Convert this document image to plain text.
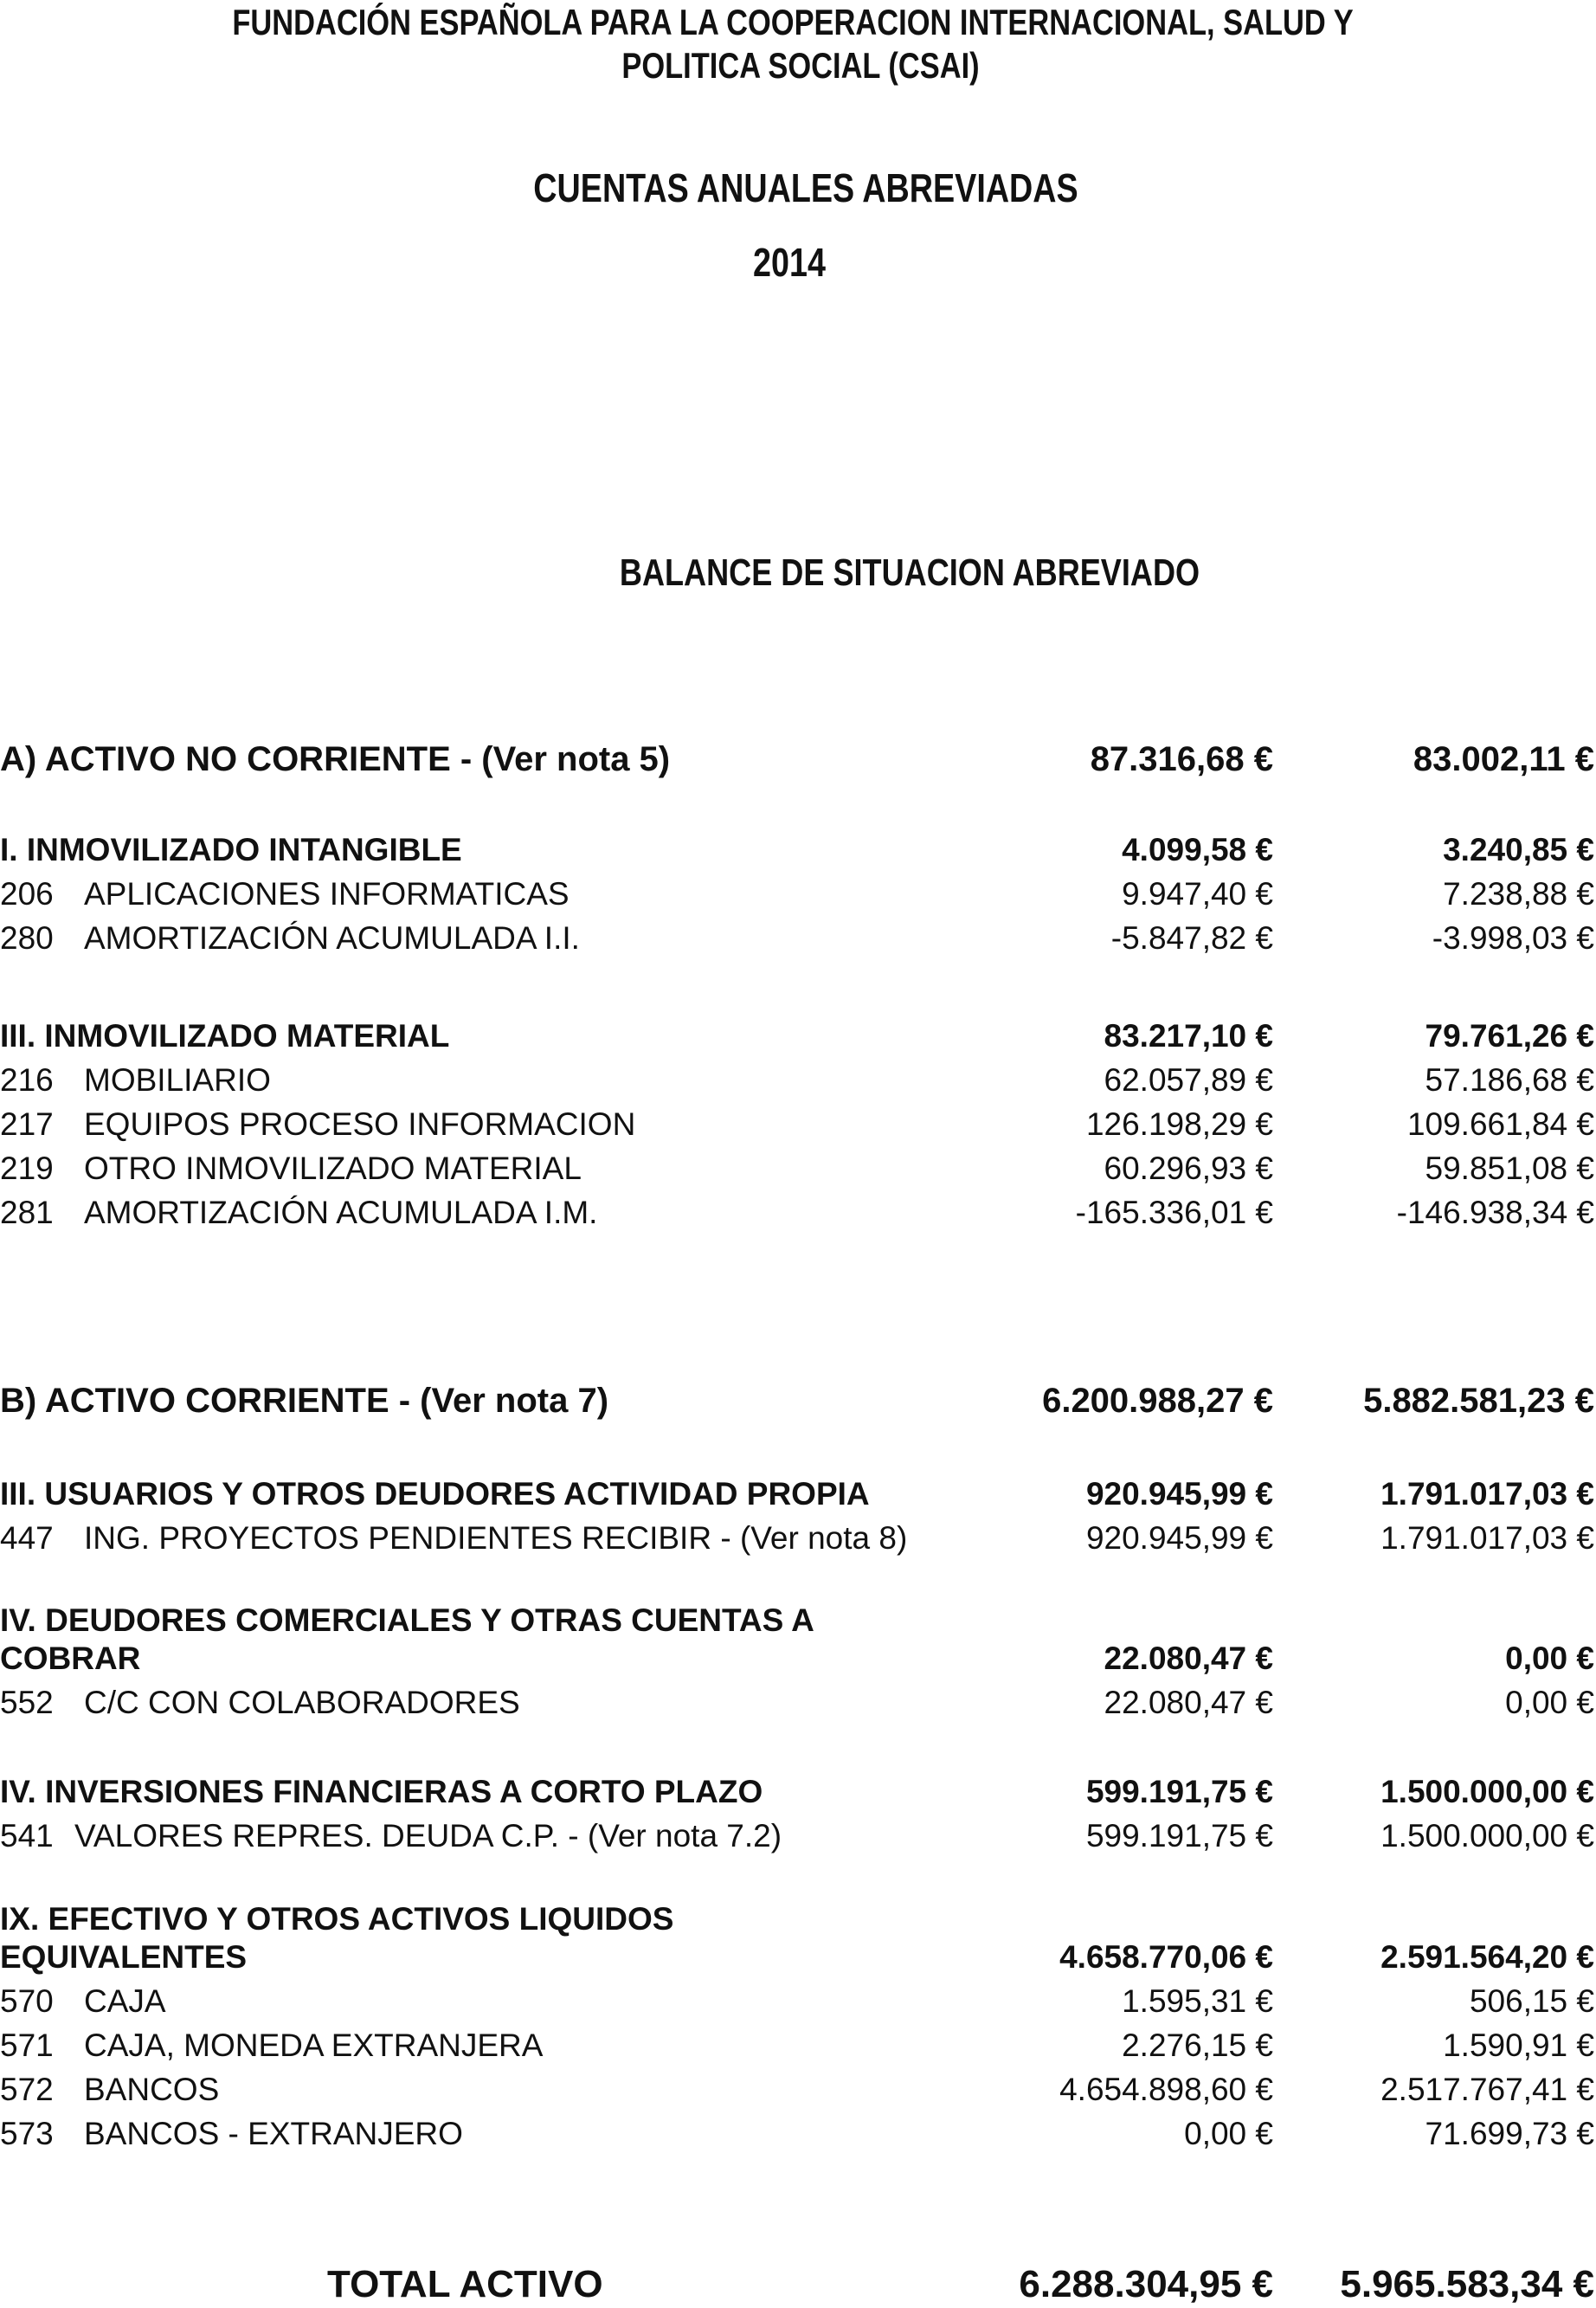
FUNDACIÓN ESPAÑOLA PARA LA COOPERACION INTERNACIONAL, SALUD Y
POLITICA SOCIAL (CSAI)
CUENTAS ANUALES ABREVIADAS
2014
BALANCE DE SITUACION ABREVIADO
A) ACTIVO NO CORRIENTE - (Ver nota 5)	87.316,68 €	83.002,11 €
I. INMOVILIZADO INTANGIBLE	4.099,58 €	3.240,85 €
206 APLICACIONES INFORMATICAS	9.947,40 €	7.238,88 €
280 AMORTIZACIÓN ACUMULADA I.I.	-5.847,82 €	-3.998,03 €
III. INMOVILIZADO MATERIAL	83.217,10 €	79.761,26 €
216 MOBILIARIO	62.057,89 €	57.186,68 €
217 EQUIPOS PROCESO INFORMACION	126.198,29 €	109.661,84 €
219 OTRO INMOVILIZADO MATERIAL	60.296,93 €	59.851,08 €
281 AMORTIZACIÓN ACUMULADA I.M.	-165.336,01 €	-146.938,34 €
B) ACTIVO CORRIENTE - (Ver nota 7)	6.200.988,27 €	5.882.581,23 €
III. USUARIOS Y OTROS DEUDORES ACTIVIDAD PROPIA	920.945,99 €	1.791.017,03 €
447 ING. PROYECTOS PENDIENTES RECIBIR - (Ver nota 8)	920.945,99 €	1.791.017,03 €
IV. DEUDORES COMERCIALES Y OTRAS CUENTAS A
COBRAR	22.080,47 €	0,00 €
552 C/C CON COLABORADORES	22.080,47 €	0,00 €
IV. INVERSIONES FINANCIERAS A CORTO PLAZO	599.191,75 €	1.500.000,00 €
541 VALORES REPRES. DEUDA C.P. - (Ver nota 7.2)	599.191,75 €	1.500.000,00 €
IX. EFECTIVO Y OTROS ACTIVOS LIQUIDOS
EQUIVALENTES	4.658.770,06 €	2.591.564,20 €
570 CAJA	1.595,31 €	506,15 €
571 CAJA, MONEDA EXTRANJERA	2.276,15 €	1.590,91 €
572 BANCOS	4.654.898,60 €	2.517.767,41 €
573 BANCOS - EXTRANJERO	0,00 €	71.699,73 €
TOTAL ACTIVO	6.288.304,95 € 5.965.583,34 €
